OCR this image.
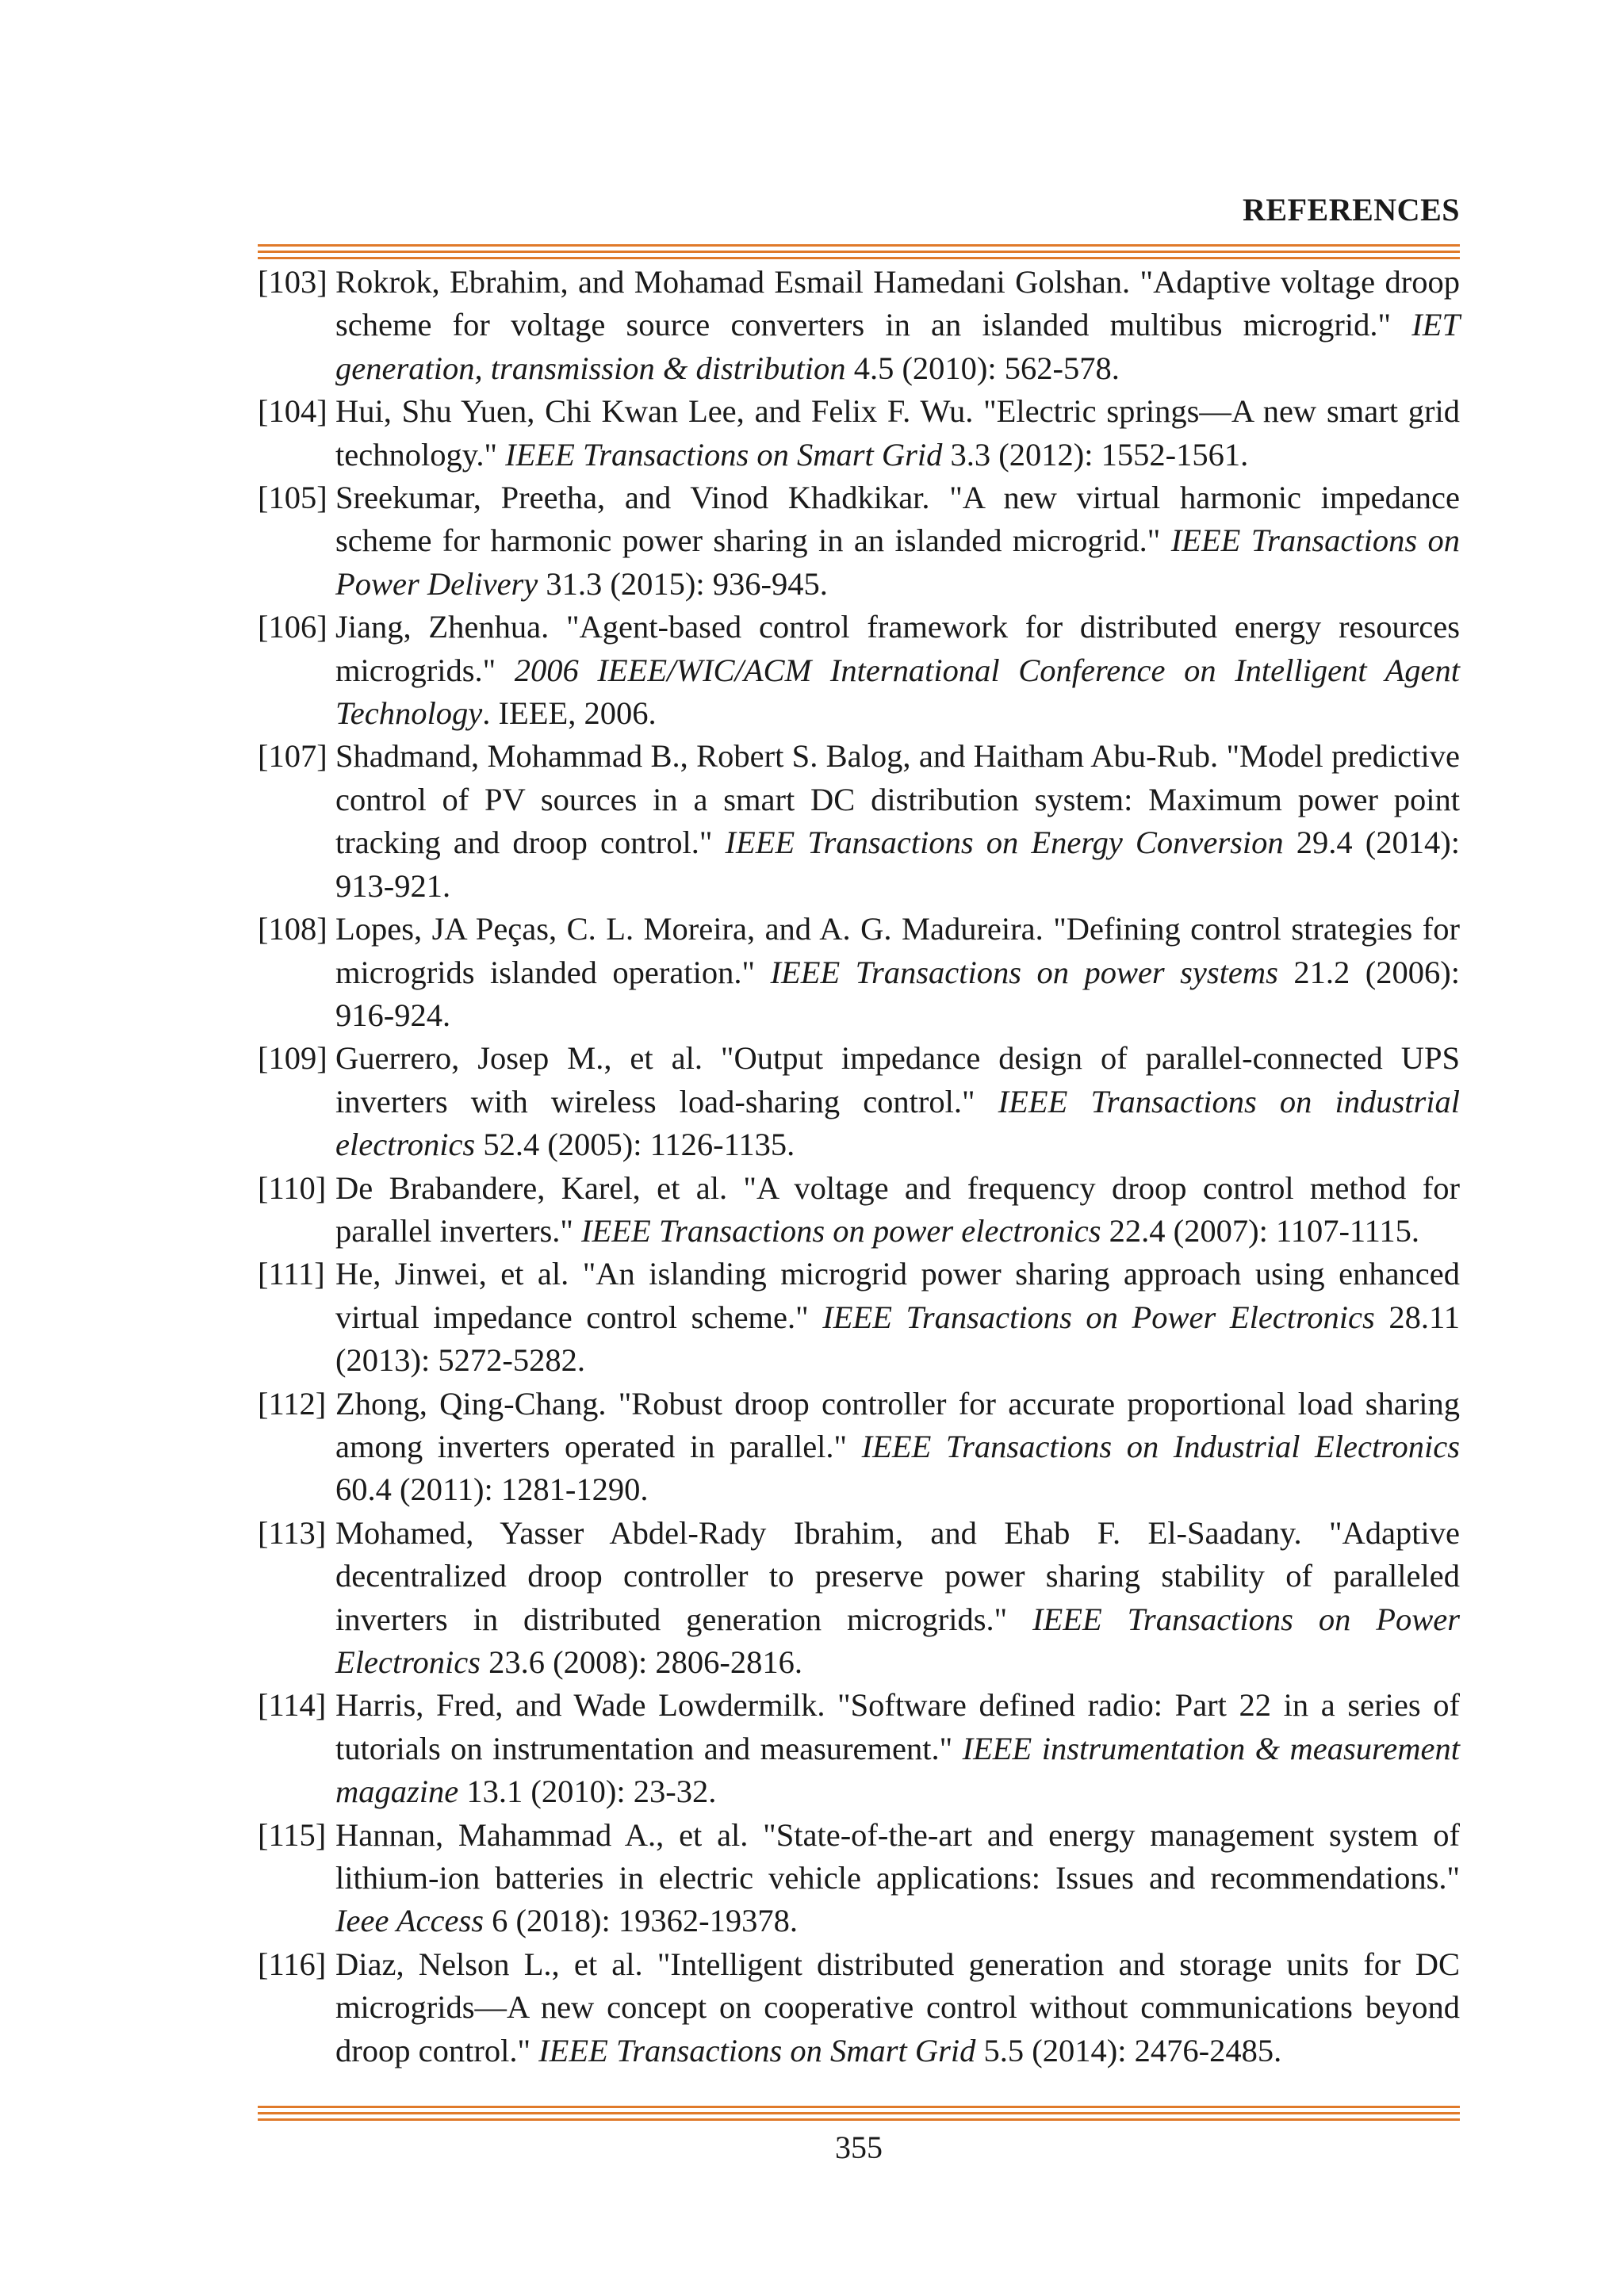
REFERENCES
[103] Rokrok, Ebrahim, and Mohamad Esmail Hamedani Golshan. "Adaptive voltage droop scheme for voltage source converters in an islanded multibus microgrid." IET generation, transmission & distribution 4.5 (2010): 562-578.
[104] Hui, Shu Yuen, Chi Kwan Lee, and Felix F. Wu. "Electric springs—A new smart grid technology." IEEE Transactions on Smart Grid 3.3 (2012): 1552-1561.
[105] Sreekumar, Preetha, and Vinod Khadkikar. "A new virtual harmonic impedance scheme for harmonic power sharing in an islanded microgrid." IEEE Transactions on Power Delivery 31.3 (2015): 936-945.
[106] Jiang, Zhenhua. "Agent-based control framework for distributed energy resources microgrids." 2006 IEEE/WIC/ACM International Conference on Intelligent Agent Technology. IEEE, 2006.
[107] Shadmand, Mohammad B., Robert S. Balog, and Haitham Abu-Rub. "Model predictive control of PV sources in a smart DC distribution system: Maximum power point tracking and droop control." IEEE Transactions on Energy Conversion 29.4 (2014): 913-921.
[108] Lopes, JA Peças, C. L. Moreira, and A. G. Madureira. "Defining control strategies for microgrids islanded operation." IEEE Transactions on power systems 21.2 (2006): 916-924.
[109] Guerrero, Josep M., et al. "Output impedance design of parallel-connected UPS inverters with wireless load-sharing control." IEEE Transactions on industrial electronics 52.4 (2005): 1126-1135.
[110] De Brabandere, Karel, et al. "A voltage and frequency droop control method for parallel inverters." IEEE Transactions on power electronics 22.4 (2007): 1107-1115.
[111] He, Jinwei, et al. "An islanding microgrid power sharing approach using enhanced virtual impedance control scheme." IEEE Transactions on Power Electronics 28.11 (2013): 5272-5282.
[112] Zhong, Qing-Chang. "Robust droop controller for accurate proportional load sharing among inverters operated in parallel." IEEE Transactions on Industrial Electronics 60.4 (2011): 1281-1290.
[113] Mohamed, Yasser Abdel-Rady Ibrahim, and Ehab F. El-Saadany. "Adaptive decentralized droop controller to preserve power sharing stability of paralleled inverters in distributed generation microgrids." IEEE Transactions on Power Electronics 23.6 (2008): 2806-2816.
[114] Harris, Fred, and Wade Lowdermilk. "Software defined radio: Part 22 in a series of tutorials on instrumentation and measurement." IEEE instrumentation & measurement magazine 13.1 (2010): 23-32.
[115] Hannan, Mahammad A., et al. "State-of-the-art and energy management system of lithium-ion batteries in electric vehicle applications: Issues and recommendations." Ieee Access 6 (2018): 19362-19378.
[116] Diaz, Nelson L., et al. "Intelligent distributed generation and storage units for DC microgrids—A new concept on cooperative control without communications beyond droop control." IEEE Transactions on Smart Grid 5.5 (2014): 2476-2485.
355
